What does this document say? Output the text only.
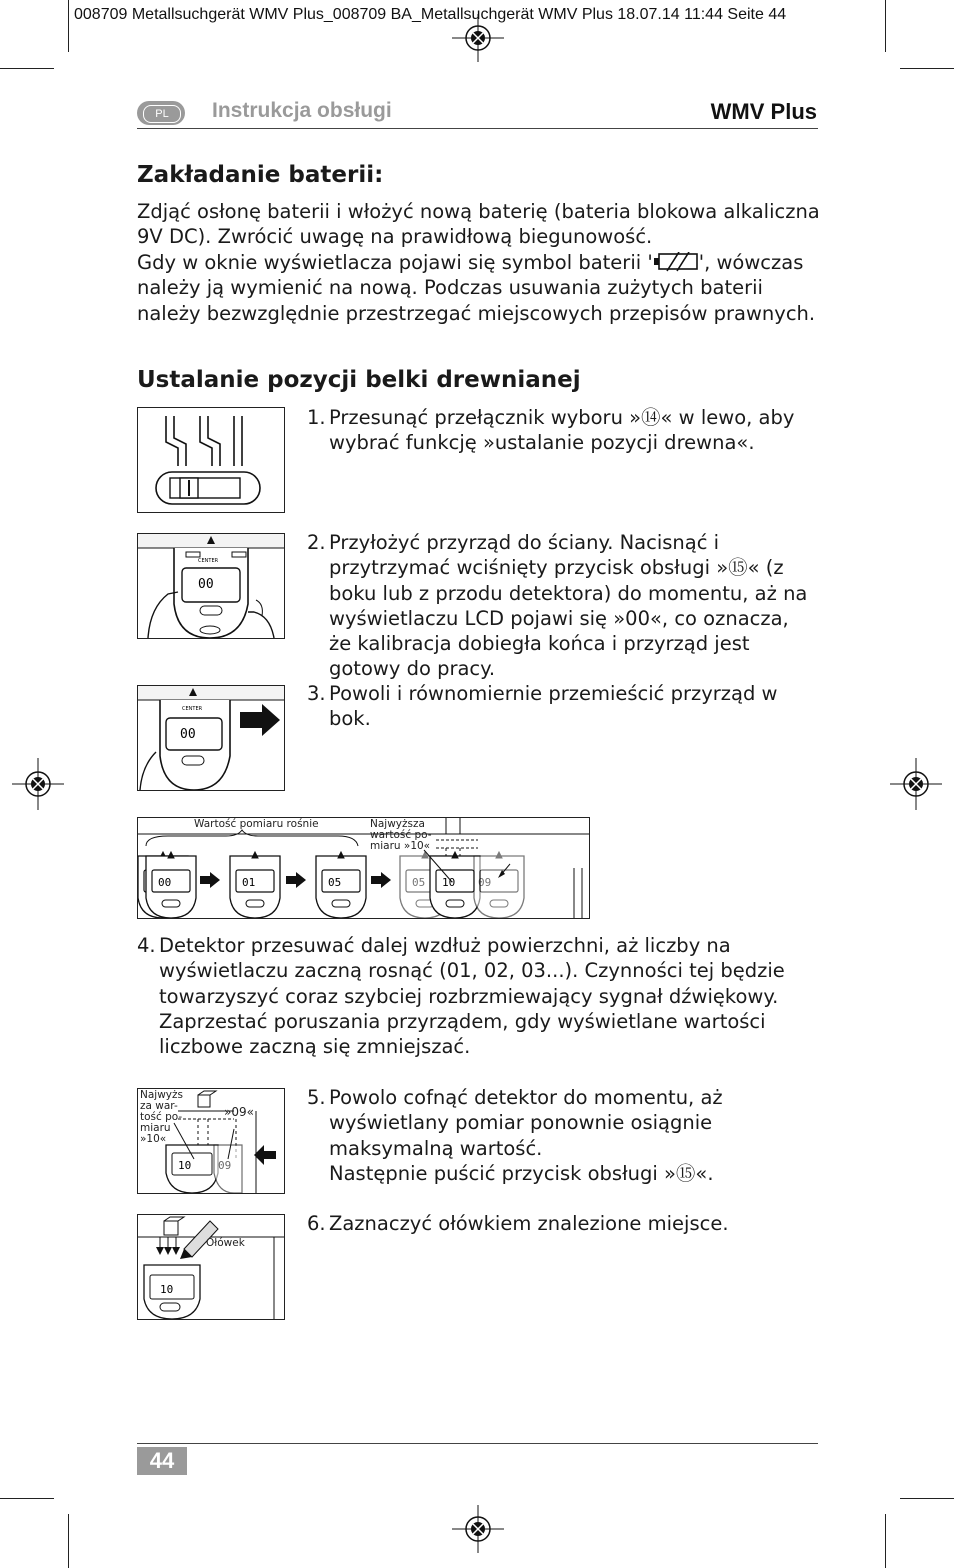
008709 Metallsuchgerät WMV Plus_008709 BA_Metallsuchgerät WMV Plus 18.07.14 11:44 Seite 44
PL	Instrukcja obsługi	WMV Plus
Zakładanie baterii:
Zdjąć osłonę baterii i włożyć nową baterię (bateria blokowa alkaliczna 9V DC). Zwrócić uwagę na prawidłową biegunowość.
Gdy w oknie wyświetlacza pojawi się symbol baterii ' ', wówczas należy ją wymienić na nową. Podczas usuwania zużytych baterii należy bezwzględnie przestrzegać miejscowych przepisów prawnych.
Ustalanie pozycji belki drewnianej
1. Przesunąć przełącznik wyboru »⑭« w lewo, aby wybrać funkcję »ustalanie pozycji drewna«.
CENTER
00
2. Przyłożyć przyrząd do ściany. Nacisnąć i przytrzymać wciśnięty przycisk obsługi »⑮« (z boku lub z przodu detektora) do momentu, aż na wyświetlaczu LCD pojawi się »00«, co oznacza, że kalibracja dobiegła końca i przyrząd jest gotowy do pracy.
CENTER
00
3. Powoli i równomiernie przemieścić przyrząd w bok.
00	01	05	05 10 09
Wartość pomiaru rośnie	Najwyższa
wartość po-
miaru »10«
4. Detektor przesuwać dalej wzdłuż powierzchni, aż liczby na wyświetlaczu zaczną rosnąć (01, 02, 03...). Czynności tej będzie towarzyszyć coraz szybciej rozbrzmiewający sygnał dźwiękowy. Zaprzestać poruszania przyrządem, gdy wyświetlane wartości liczbowe zaczną się zmniejszać.
10 09
Najwyżs
za war-
tość po-
miaru
»10«
»09«
5. Powolo cofnąć detektor do momentu, aż wyświetlany pomiar ponownie osiągnie maksymalną wartość.
Następnie puścić przycisk obsługi »⑮«.
10
Ołówek
6. Zaznaczyć ołówkiem znalezione miejsce.
44
